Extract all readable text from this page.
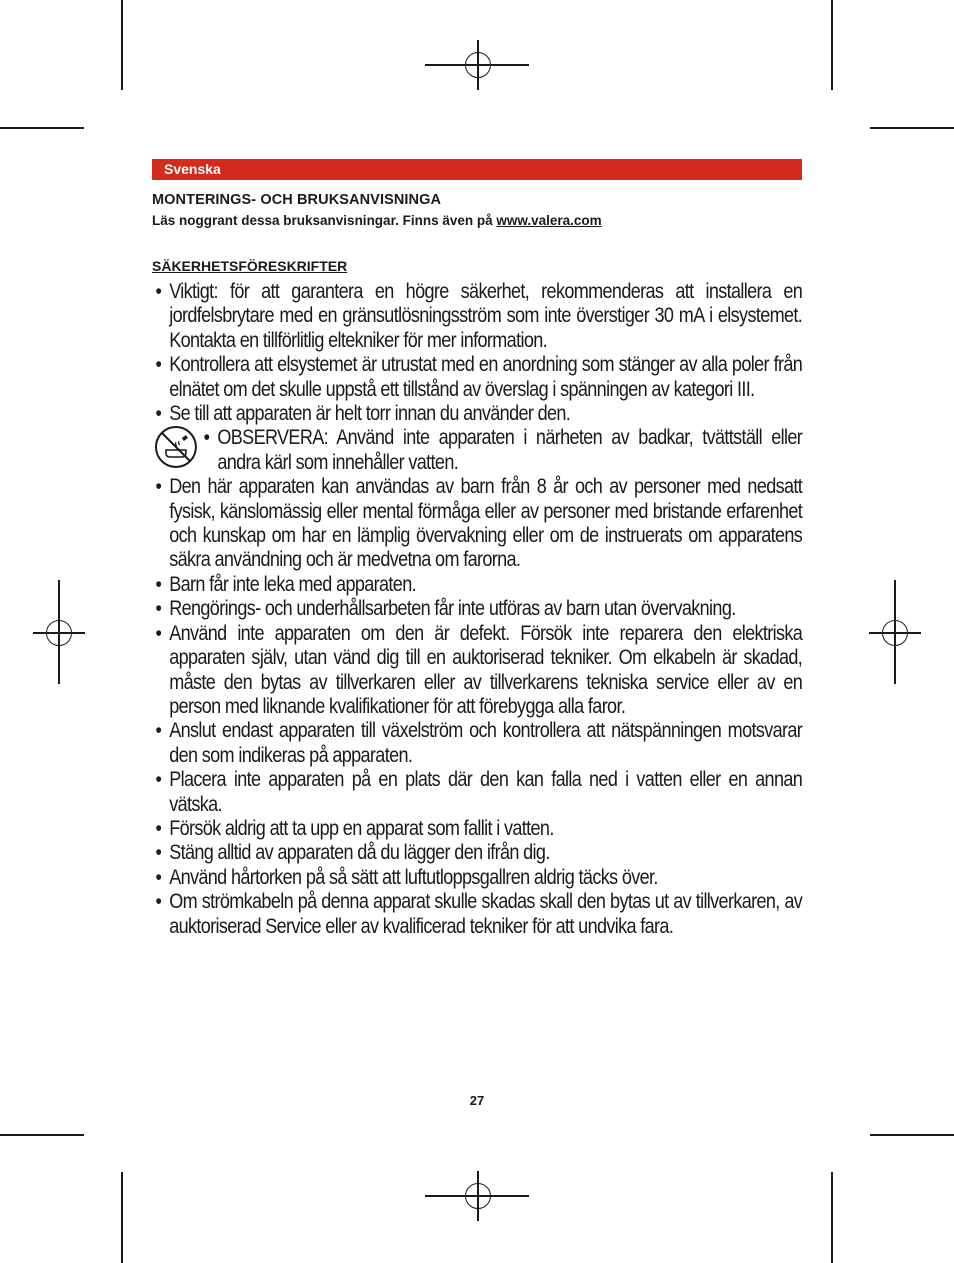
Svenska
MONTERINGS- OCH BRUKSANVISNINGA
Läs noggrant dessa bruksanvisningar. Finns även på www.valera.com
SÄKERHETSFÖRESKRIFTER
• Viktigt: för att garantera en högre säkerhet, rekommenderas att installera en jordfelsbrytare med en gränsutlösningsström som inte överstiger 30 mA i elsystemet. Kontakta en tillförlitlig eltekniker för mer information.
• Kontrollera att elsystemet är utrustat med en anordning som stänger av alla poler från elnätet om det skulle uppstå ett tillstånd av överslag i spänningen av kategori III.
• Se till att apparaten är helt torr innan du använder den.
• OBSERVERA: Använd inte apparaten i närheten av badkar, tvättställ eller andra kärl som innehåller vatten.
• Den här apparaten kan användas av barn från 8 år och av personer med nedsatt fysisk, känslomässig eller mental förmåga eller av personer med bristande erfarenhet och kunskap om har en lämplig övervakning eller om de instruerats om apparatens säkra användning och är medvetna om farorna.
• Barn får inte leka med apparaten.
• Rengörings- och underhållsarbeten får inte utföras av barn utan övervakning.
• Använd inte apparaten om den är defekt. Försök inte reparera den elektriska apparaten själv, utan vänd dig till en auktoriserad tekniker. Om elkabeln är skadad, måste den bytas av tillverkaren eller av tillverkarens tekniska service eller av en person med liknande kvalifikationer för att förebygga alla faror.
• Anslut endast apparaten till växelström och kontrollera att nätspänningen motsvarar den som indikeras på apparaten.
• Placera inte apparaten på en plats där den kan falla ned i vatten eller en annan vätska.
• Försök aldrig att ta upp en apparat som fallit i vatten.
• Stäng alltid av apparaten då du lägger den ifrån dig.
• Använd hårtorken på så sätt att luftutloppsgallren aldrig täcks över.
• Om strömkabeln på denna apparat skulle skadas skall den bytas ut av tillverkaren, av auktoriserad Service eller av kvalificerad tekniker för att undvika fara.
27
